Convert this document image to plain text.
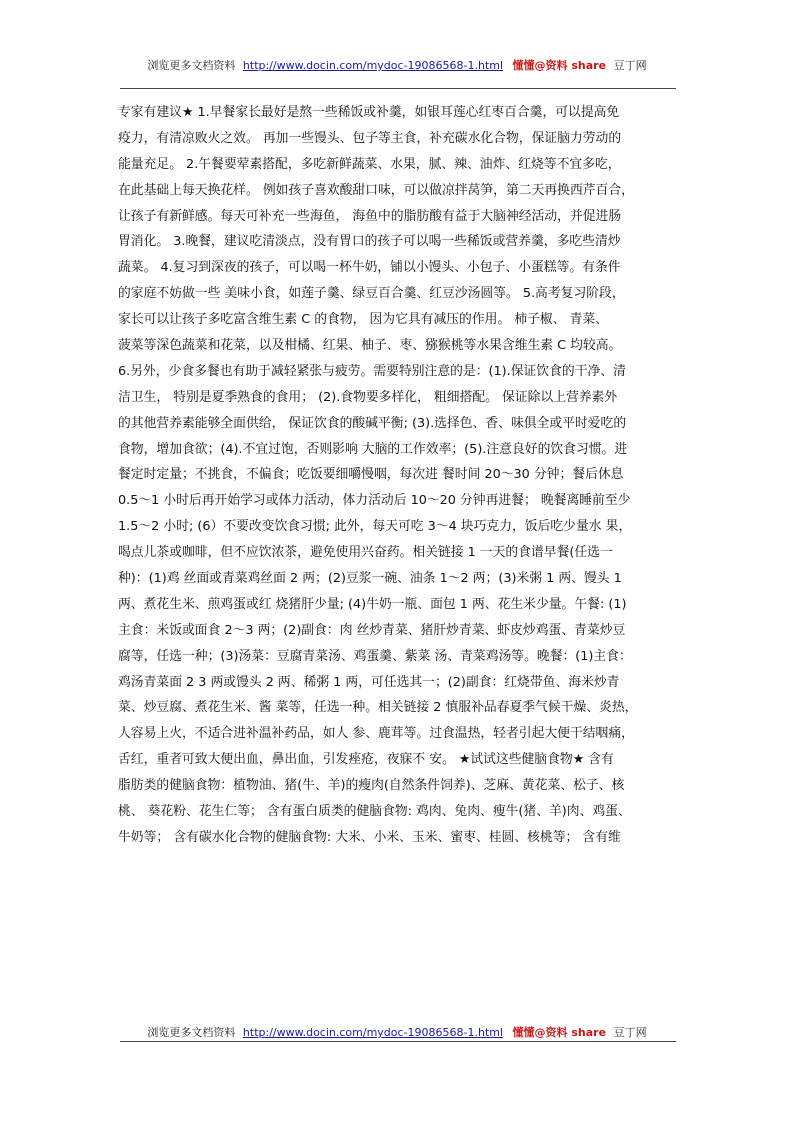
浏览更多文档资料 http://www.docin.com/mydoc-19086568-1.html 懂懂@资料 share 豆丁网
专家有建议★ 1.早餐家长最好是熬一些稀饭或补羹，如银耳莲心红枣百合羹，可以提高免
疫力，有清凉败火之效。 再加一些馒头、包子等主食，补充碳水化合物，保证脑力劳动的
能量充足。 2.午餐要荤素搭配，多吃新鲜蔬菜、水果，腻、辣、油炸、红烧等不宜多吃，
在此基础上每天换花样。 例如孩子喜欢酸甜口味，可以做凉拌莴笋，第二天再换西芹百合，
让孩子有新鲜感。每天可补充一些海鱼， 海鱼中的脂肪酸有益于大脑神经活动，并促进肠
胃消化。 3.晚餐，建议吃清淡点，没有胃口的孩子可以喝一些稀饭或营养羹，多吃些清炒
蔬菜。 4.复习到深夜的孩子，可以喝一杯牛奶，铺以小馒头、小包子、小蛋糕等。有条件
的家庭不妨做一些 美味小食，如莲子羹、绿豆百合羹、红豆沙汤圆等。 5.高考复习阶段，
家长可以让孩子多吃富含维生素 C 的食物， 因为它具有减压的作用。 柿子椒、 青菜、
菠菜等深色蔬菜和花菜，以及柑橘、红果、柚子、枣、猕猴桃等水果含维生素 C 均较高。
6.另外，少食多餐也有助于减轻紧张与疲劳。需要特别注意的是：(1).保证饮食的干净、清
洁卫生， 特别是夏季熟食的食用； (2).食物要多样化， 粗细搭配。 保证除以上营养素外
的其他营养素能够全面供给， 保证饮食的酸碱平衡; (3).选择色、香、味俱全或平时爱吃的
食物，增加食欲；(4).不宜过饱，否则影响 大脑的工作效率；(5).注意良好的饮食习惯。进
餐定时定量；不挑食，不偏食；吃饭要细嚼慢咽，每次进 餐时间 20～30 分钟；餐后休息
0.5～1 小时后再开始学习或体力活动，体力活动后 10～20 分钟再进餐； 晚餐离睡前至少
1.5～2 小时; (6）不要改变饮食习惯; 此外，每天可吃 3～4 块巧克力，饭后吃少量水 果，
喝点儿茶或咖啡，但不应饮浓茶，避免使用兴奋药。相关链接 1 一天的食谱早餐(任选一
种)：(1)鸡 丝面或青菜鸡丝面 2 两；(2)豆浆一碗、油条 1～2 两；(3)米粥 1 两、馒头 1
两、煮花生米、煎鸡蛋或红 烧猪肝少量; (4)牛奶一瓶、面包 1 两、花生米少量。午餐: (1)
主食：米饭或面食 2～3 两；(2)副食：肉 丝炒青菜、猪肝炒青菜、虾皮炒鸡蛋、青菜炒豆
腐等，任选一种；(3)汤菜：豆腐青菜汤、鸡蛋羹、紫菜 汤、青菜鸡汤等。晚餐：(1)主食：
鸡汤青菜面 2 3 两或馒头 2 两、稀粥 1 两，可任选其一；(2)副食：红烧带鱼、海米炒青
菜、炒豆腐、煮花生米、酱 菜等，任选一种。相关链接 2 慎服补品春夏季气候干燥、炎热，
人容易上火，不适合进补温补药品，如人 参、鹿茸等。过食温热，轻者引起大便干结咽痛，
舌红，重者可致大便出血，鼻出血，引发痤疮，夜寐不 安。 ★试试这些健脑食物★ 含有
脂肪类的健脑食物：植物油、猪(牛、羊)的瘦肉(自然条件饲养)、芝麻、黄花菜、松子、核
桃、 葵花粉、花生仁等； 含有蛋白质类的健脑食物: 鸡肉、兔肉、瘦牛(猪、羊)肉、鸡蛋、
牛奶等； 含有碳水化合物的健脑食物: 大米、小米、玉米、蜜枣、桂圆、核桃等； 含有维
浏览更多文档资料 http://www.docin.com/mydoc-19086568-1.html 懂懂@资料 share 豆丁网
